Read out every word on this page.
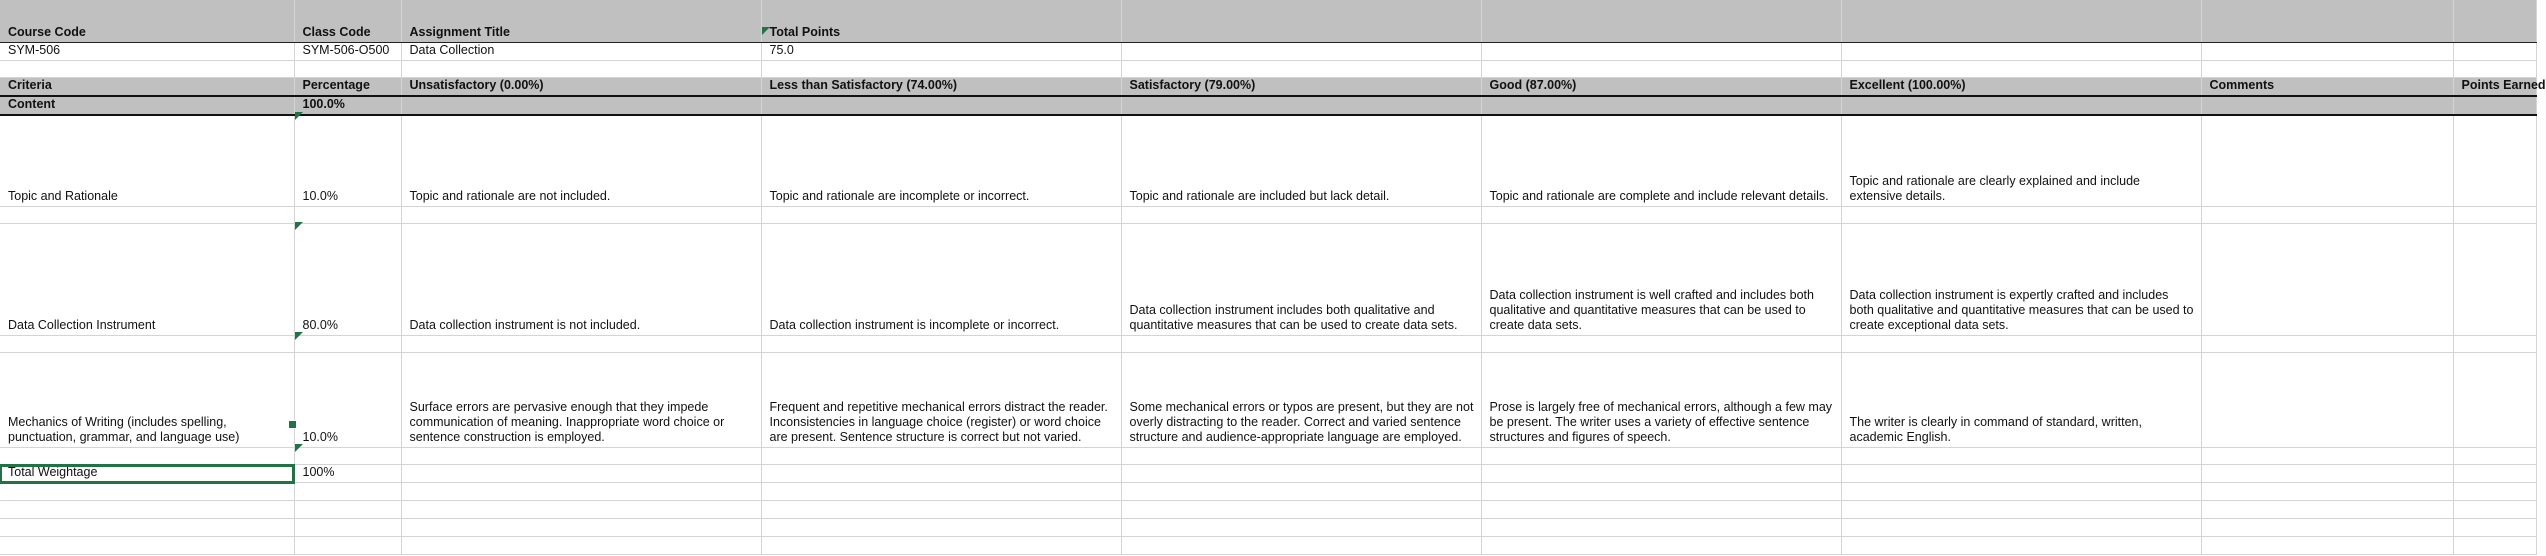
Course Code	Class Code	Assignment Title	Total Points					
SYM-506	SYM-506-O500	Data Collection	75.0					

Criteria	Percentage	Unsatisfactory (0.00%)	Less than Satisfactory (74.00%)	Satisfactory (79.00%)	Good (87.00%)	Excellent (100.00%)	Comments	Points Earned
Content	100.0%							
Topic and Rationale	10.0%	Topic and rationale are not included.	Topic and rationale are incomplete or incorrect.	Topic and rationale are included but lack detail.	Topic and rationale are complete and include relevant details.	Topic and rationale are clearly explained and include extensive details.		

Data Collection Instrument	80.0%	Data collection instrument is not included.	Data collection instrument is incomplete or incorrect.	Data collection instrument includes both qualitative and quantitative measures that can be used to create data sets.	Data collection instrument is well crafted and includes both qualitative and quantitative measures that can be used to create data sets.	Data collection instrument is expertly crafted and includes both qualitative and quantitative measures that can be used to create exceptional data sets.		

Mechanics of Writing (includes spelling, punctuation, grammar, and language use)	10.0%	Surface errors are pervasive enough that they impede communication of meaning. Inappropriate word choice or sentence construction is employed.	Frequent and repetitive mechanical errors distract the reader. Inconsistencies in language choice (register) or word choice are present. Sentence structure is correct but not varied.	Some mechanical errors or typos are present, but they are not overly distracting to the reader. Correct and varied sentence structure and audience-appropriate language are employed.	Prose is largely free of mechanical errors, although a few may be present. The writer uses a variety of effective sentence structures and figures of speech.	The writer is clearly in command of standard, written, academic English.		

Total Weightage	100%							
